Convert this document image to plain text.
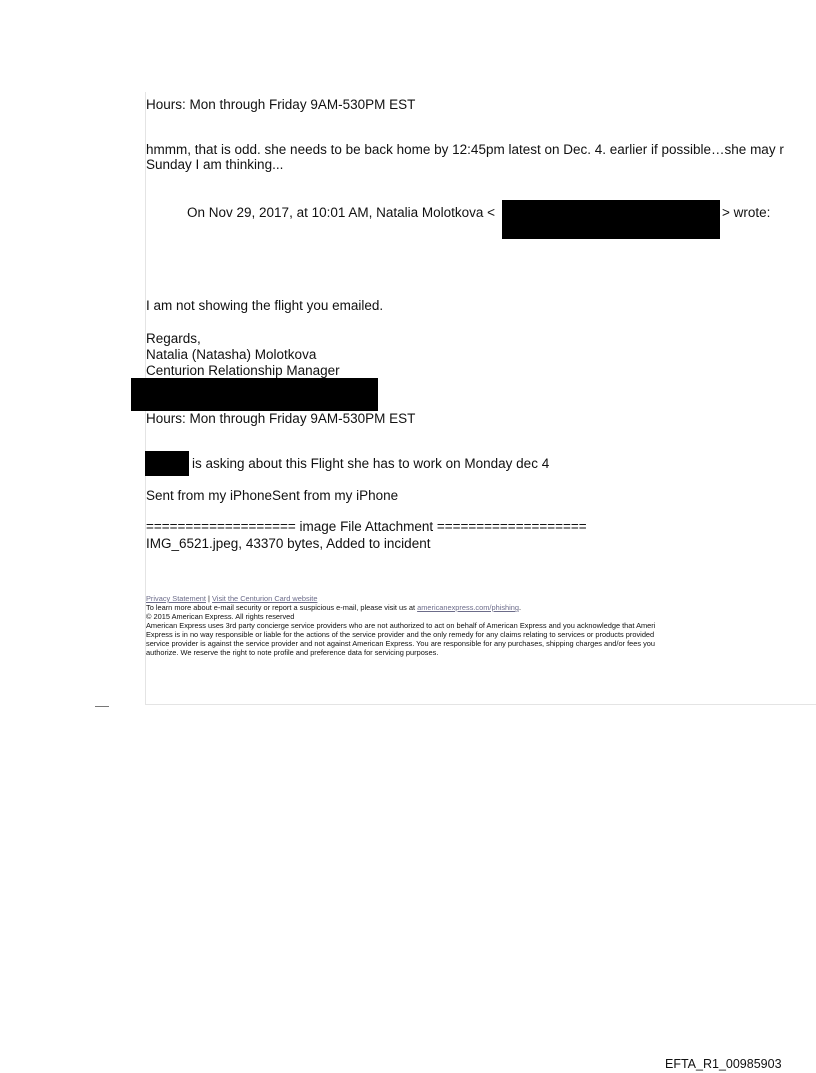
Hours: Mon through Friday 9AM-530PM EST
hmmm, that is odd. she needs to be back home by 12:45pm latest on Dec. 4. earlier if possible…she may r
Sunday I am thinking...
On Nov 29, 2017, at 10:01 AM, Natalia Molotkova <	> wrote:
I am not showing the flight you emailed.
Regards,
Natalia (Natasha) Molotkova
Centurion Relationship Manager
Hours: Mon through Friday 9AM-530PM EST
is asking about this Flight she has to work on Monday dec 4
Sent from my iPhoneSent from my iPhone
=================== image File Attachment ===================
IMG_6521.jpeg, 43370 bytes, Added to incident
Privacy Statement | Visit the Centurion Card website
To learn more about e-mail security or report a suspicious e-mail, please visit us at americanexpress.com/phishing.
© 2015 American Express. All rights reserved
American Express uses 3rd party concierge service providers who are not authorized to act on behalf of American Express and you acknowledge that Ameri
Express is in no way responsible or liable for the actions of the service provider and the only remedy for any claims relating to services or products provided
service provider is against the service provider and not against American Express. You are responsible for any purchases, shipping charges and/or fees you
authorize. We reserve the right to note profile and preference data for servicing purposes.
EFTA_R1_00985903
